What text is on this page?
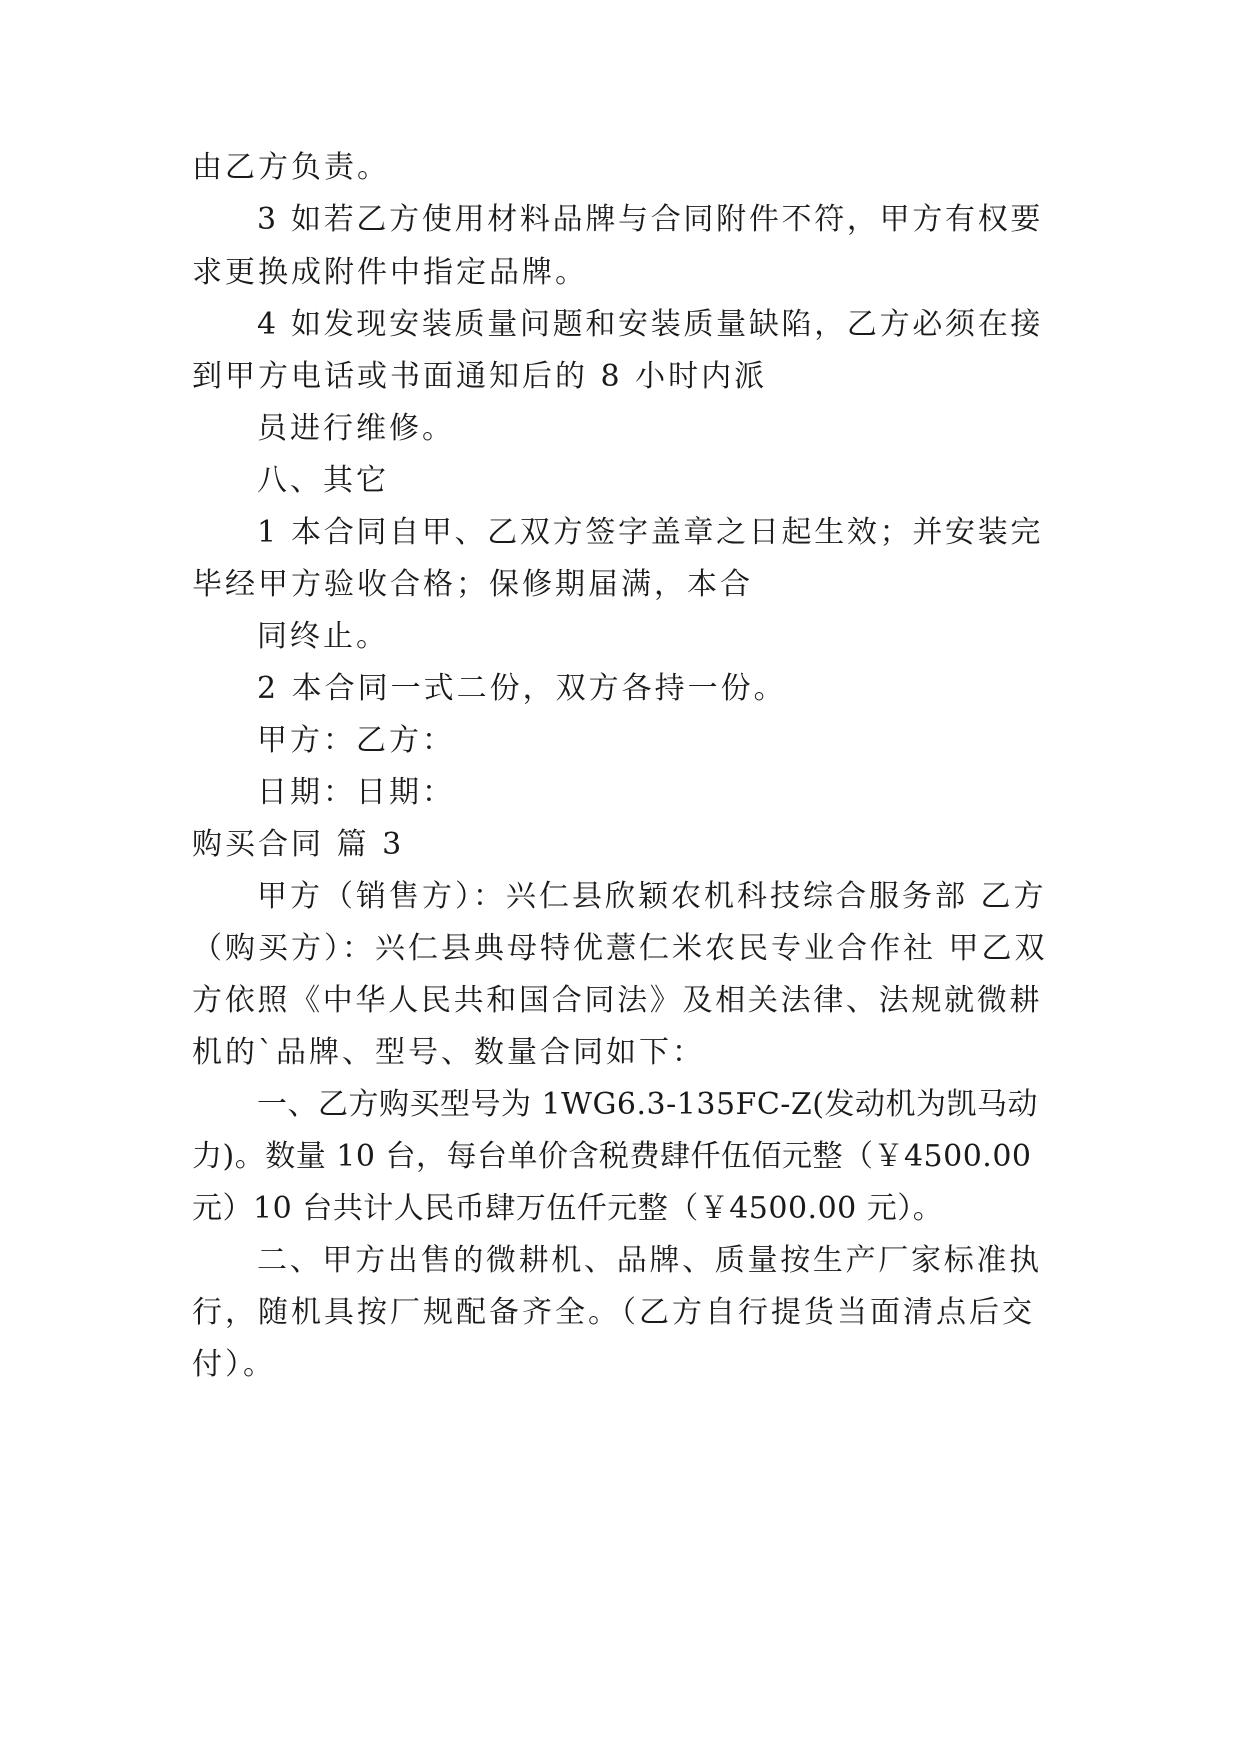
由乙方负责。
3 如若乙方使用材料品牌与合同附件不符，甲方有权要
求更换成附件中指定品牌。
4 如发现安装质量问题和安装质量缺陷，乙方必须在接
到甲方电话或书面通知后的 8 小时内派
员进行维修。
八、其它
1 本合同自甲、乙双方签字盖章之日起生效；并安装完
毕经甲方验收合格；保修期届满，本合
同终止。
2 本合同一式二份，双方各持一份。
甲方：乙方：
日期：日期：
购买合同 篇 3
甲方（销售方）：兴仁县欣颖农机科技综合服务部 乙方
（购买方）：兴仁县典母特优薏仁米农民专业合作社 甲乙双
方依照《中华人民共和国合同法》及相关法律、法规就微耕
机的`品牌、型号、数量合同如下：
一、乙方购买型号为 1WG6.3-135FC-Z(发动机为凯马动
力)。数量 10 台，每台单价含税费肆仟伍佰元整（￥4500.00
元）10 台共计人民币肆万伍仟元整（￥4500.00 元）。
二、甲方出售的微耕机、品牌、质量按生产厂家标准执
行，随机具按厂规配备齐全。（乙方自行提货当面清点后交
付）。
